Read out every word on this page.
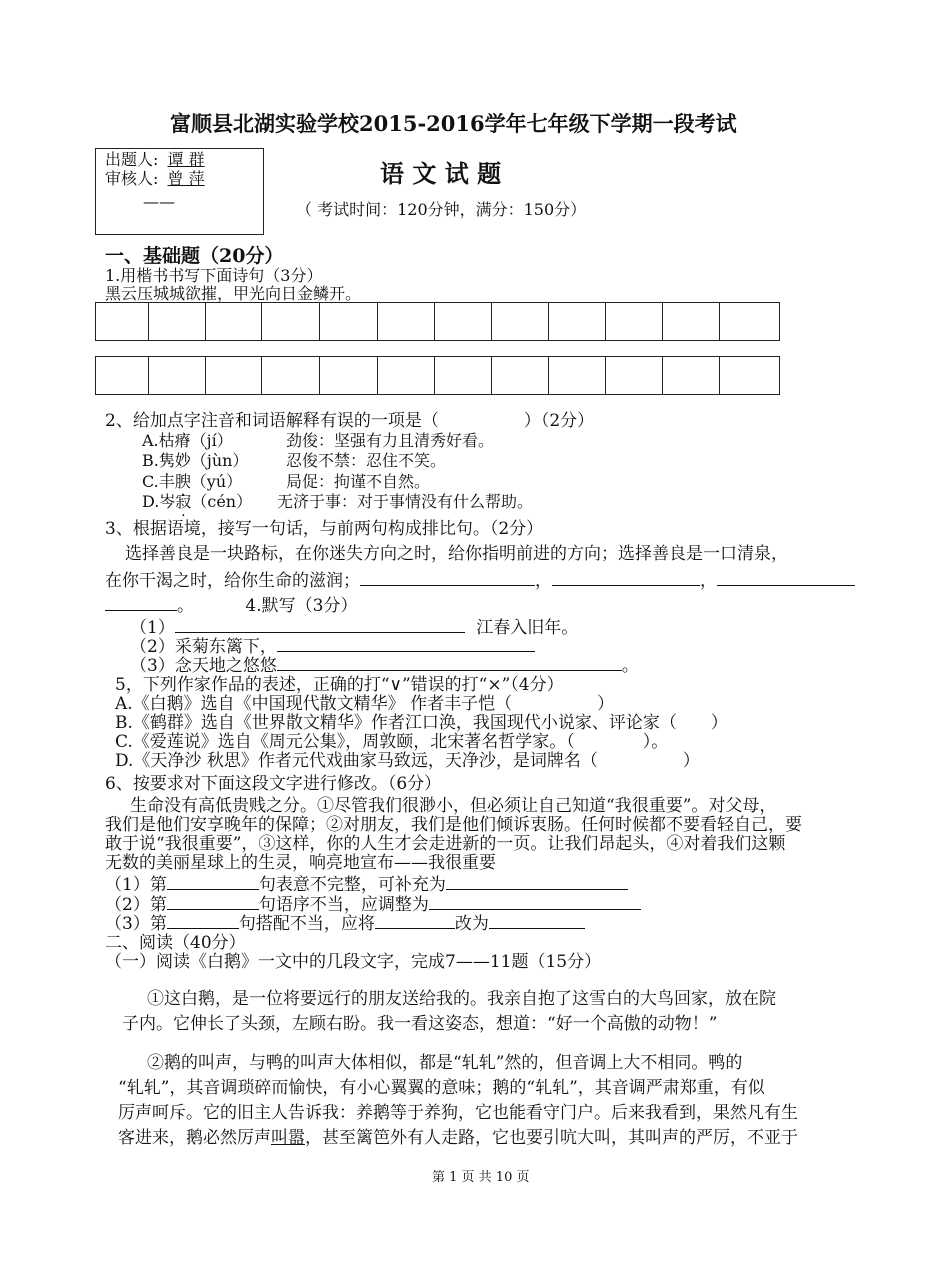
富顺县北湖实验学校2015-2016学年七年级下学期一段考试
出题人: 谭 群
审核人: 曾 萍
——
语 文 试 题
（ 考试时间：120分钟，满分：150分）
一、基础题（20分）
1.用楷书书写下面诗句（3分）
黑云压城城欲摧，甲光向日金鳞开。
2、给加点字注音和词语解释有误的一项是（　　　　　）（2分）
A.枯瘠（jí）	劲俊：坚强有力且清秀好看。
B.隽妙（jùn） 忍俊不禁：忍住不笑。
C.丰腴（yú）	局促：拘谨不自然。
D.岑寂（cén） 无济于事：对于事情没有什么帮助。
3、根据语境，接写一句话，与前两句构成排比句。（2分）
选择善良是一块路标，在你迷失方向之时，给你指明前进的方向；选择善良是一口清泉，
在你干渴之时，给你生命的滋润；	，	，
。	4.默写（3分）
（1）	江春入旧年。
（2）采菊东篱下，
（3）念天地之悠悠	。
5，下列作家作品的表述，正确的打“∨”错误的打“×”（4分）
A.《白鹅》选自《中国现代散文精华》 作者丰子恺（　　　　　）
B.《鹤群》选自《世界散文精华》作者江口涣，我国现代小说家、评论家（　　）
C.《爱莲说》选自《周元公集》，周敦颐，北宋著名哲学家。（　　　　）。
D.《天净沙 秋思》作者元代戏曲家马致远，天净沙，是词牌名（　　　　　）
6、按要求对下面这段文字进行修改。（6分）
生命没有高低贵贱之分。①尽管我们很渺小，但必须让自己知道“我很重要”。对父母，
我们是他们安享晚年的保障；②对朋友，我们是他们倾诉衷肠。任何时候都不要看轻自己，要
敢于说“我很重要”，③这样，你的人生才会走进新的一页。让我们昂起头，④对着我们这颗
无数的美丽星球上的生灵，响亮地宣布——我很重要
（1）第	句表意不完整，可补充为
（2）第	句语序不当，应调整为
（3）第	句搭配不当，应将	改为
二、阅读（40分）
（一）阅读《白鹅》一文中的几段文字，完成7——11题（15分）
①这白鹅，是一位将要远行的朋友送给我的。我亲自抱了这雪白的大鸟回家，放在院
子内。它伸长了头颈，左顾右盼。我一看这姿态，想道：“好一个高傲的动物！”
②鹅的叫声，与鸭的叫声大体相似，都是“轧轧”然的，但音调上大不相同。鸭的
“轧轧”，其音调琐碎而愉快，有小心翼翼的意味；鹅的“轧轧”，其音调严肃郑重，有似
厉声呵斥。它的旧主人告诉我：养鹅等于养狗，它也能看守门户。后来我看到，果然凡有生
客进来，鹅必然厉声叫嚣，甚至篱笆外有人走路，它也要引吭大叫，其叫声的严厉，不亚于
第 1 页 共 10 页
